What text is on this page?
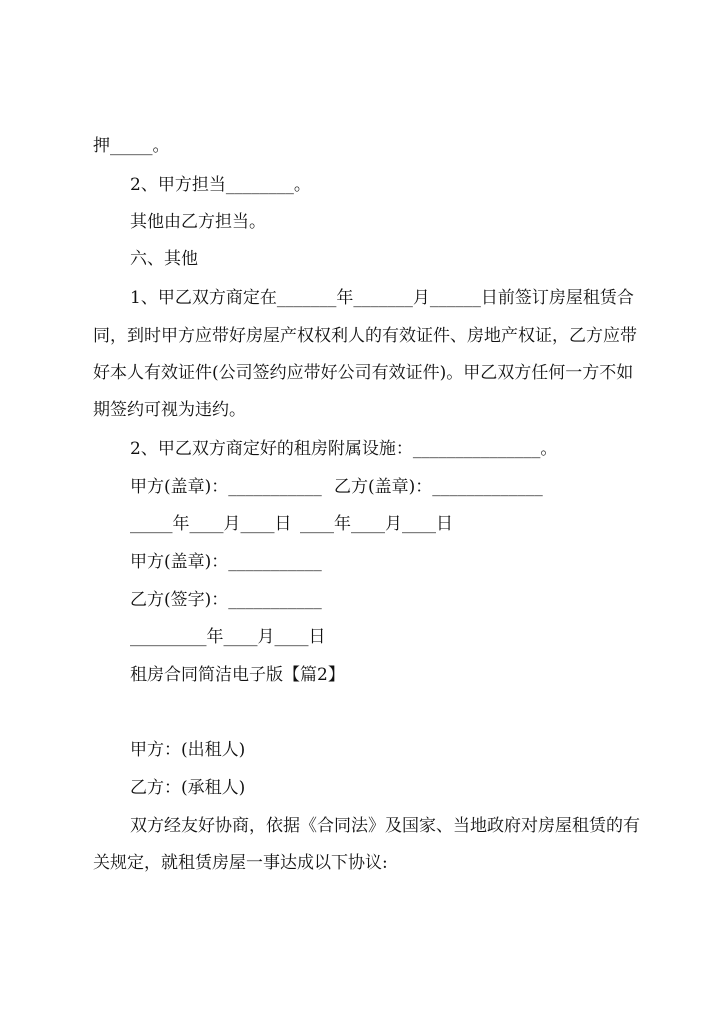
押_____。
2、甲方担当________。
其他由乙方担当。
六、其他
1、甲乙双方商定在_______年_______月______日前签订房屋租赁合
同，到时甲方应带好房屋产权权利人的有效证件、房地产权证，乙方应带
好本人有效证件(公司签约应带好公司有效证件)。甲乙双方任何一方不如
期签约可视为违约。
2、甲乙双方商定好的租房附属设施：_______________。
甲方(盖章)：___________ 乙方(盖章)：_____________
_____年____月____日 ____年____月____日
甲方(盖章)：___________
乙方(签字)：___________
_________年____月____日
租房合同简洁电子版【篇2】
甲方：(出租人)
乙方：(承租人)
双方经友好协商，依据《合同法》及国家、当地政府对房屋租赁的有
关规定，就租赁房屋一事达成以下协议:
